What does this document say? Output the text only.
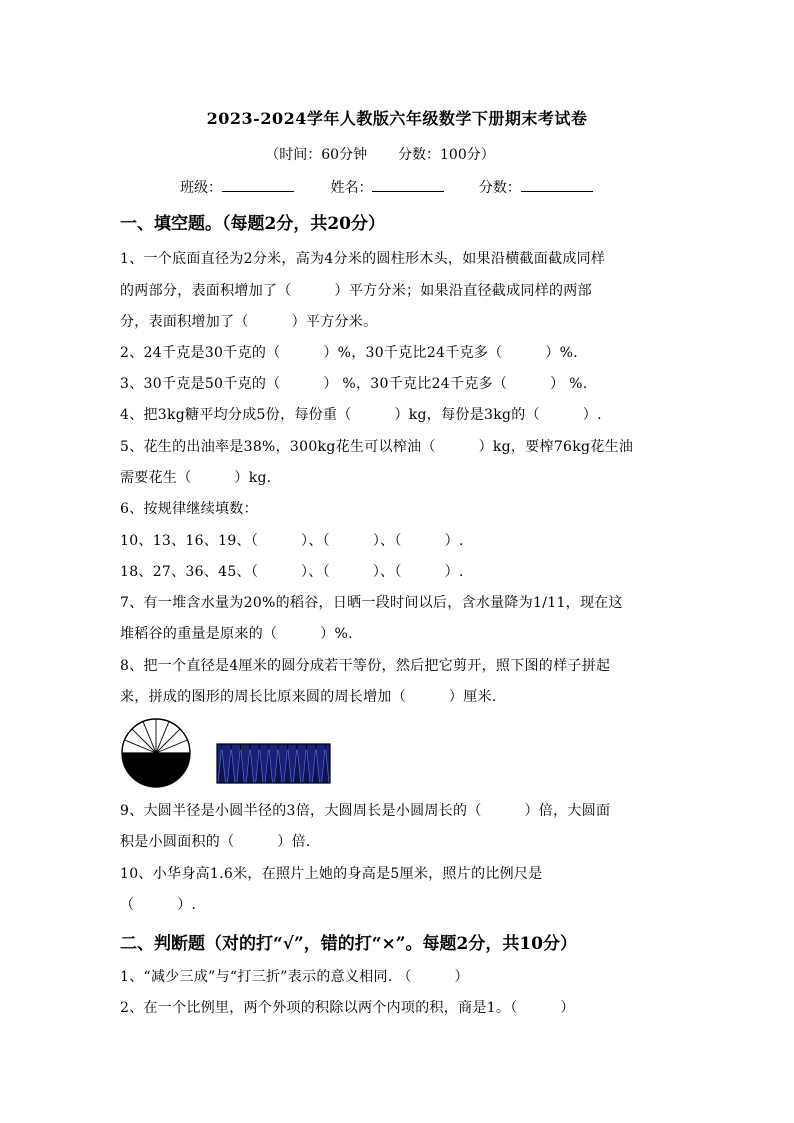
2023-2024学年人教版六年级数学下册期末考试卷
（时间：60分钟 分数：100分）
班级：	姓名：	分数：
一、填空题。（每题2分，共20分）
1、一个底面直径为2分米，高为4分米的圆柱形木头，如果沿横截面截成同样
的两部分，表面积增加了（　　　）平方分米；如果沿直径截成同样的两部
分，表面积增加了（　　　）平方分米。
2、24千克是30千克的（　　　）%，30千克比24千克多（　　　）%.
3、30千克是50千克的（　　　） %，30千克比24千克多（　　　） %.
4、把3kg糖平均分成5份，每份重（　　　）kg，每份是3kg的（　　　）.
5、花生的出油率是38%，300kg花生可以榨油（　　　）kg，要榨76kg花生油
需要花生（　　　）kg.
6、按规律继续填数：
10、13、16、19、（　　　）、（　　　）、（　　　）.
18、27、36、45、（　　　）、（　　　）、（　　　）.
7、有一堆含水量为20%的稻谷，日晒一段时间以后，含水量降为1/11，现在这
堆稻谷的重量是原来的（　　　）%.
8、把一个直径是4厘米的圆分成若干等份，然后把它剪开，照下图的样子拼起
来，拼成的图形的周长比原来圆的周长增加（　　　）厘米.
9、大圆半径是小圆半径的3倍，大圆周长是小圆周长的（　　　）倍，大圆面
积是小圆面积的（　　　）倍.
10、小华身高1.6米，在照片上她的身高是5厘米，照片的比例尺是
（　　　）.
二、判断题（对的打“√”，错的打“×”。每题2分，共10分）
1、“减少三成”与“打三折”表示的意义相同. （　　　）
2、在一个比例里，两个外项的积除以两个内项的积，商是1。（　　　）
